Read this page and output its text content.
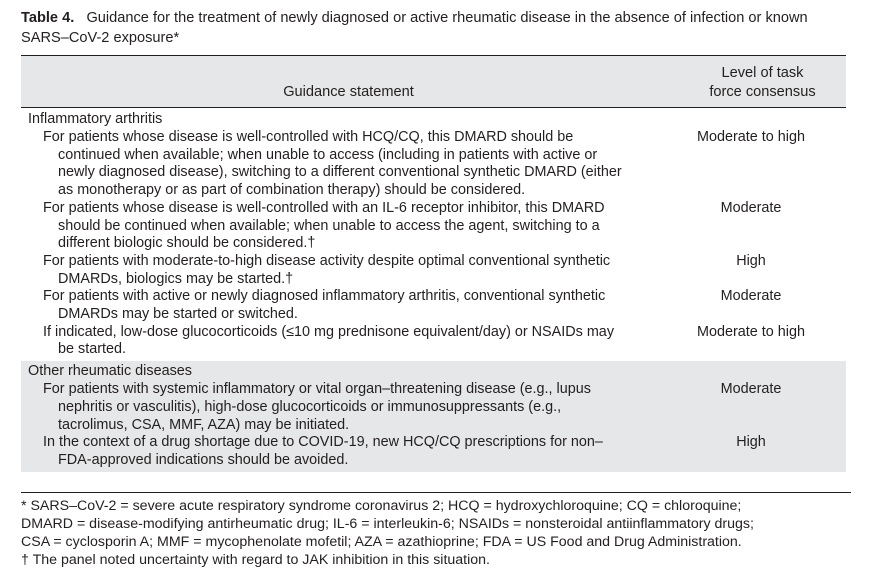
Table 4. Guidance for the treatment of newly diagnosed or active rheumatic disease in the absence of infection or known SARS–CoV-2 exposure*
Guidance statement
Level of task
force consensus
Inflammatory arthritis
For patients whose disease is well-controlled with HCQ/CQ, this DMARD should be
continued when available; when unable to access (including in patients with active or
newly diagnosed disease), switching to a different conventional synthetic DMARD (either
as monotherapy or as part of combination therapy) should be considered.
Moderate to high
For patients whose disease is well-controlled with an IL-6 receptor inhibitor, this DMARD
should be continued when available; when unable to access the agent, switching to a
different biologic should be considered.†
Moderate
For patients with moderate-to-high disease activity despite optimal conventional synthetic
DMARDs, biologics may be started.†
High
For patients with active or newly diagnosed inflammatory arthritis, conventional synthetic
DMARDs may be started or switched.
Moderate
If indicated, low-dose glucocorticoids (≤10 mg prednisone equivalent/day) or NSAIDs may
be started.
Moderate to high
Other rheumatic diseases
For patients with systemic inflammatory or vital organ–threatening disease (e.g., lupus
nephritis or vasculitis), high-dose glucocorticoids or immunosuppressants (e.g.,
tacrolimus, CSA, MMF, AZA) may be initiated.
Moderate
In the context of a drug shortage due to COVID-19, new HCQ/CQ prescriptions for non–
FDA-approved indications should be avoided.
High
* SARS–CoV-2 = severe acute respiratory syndrome coronavirus 2; HCQ = hydroxychloroquine; CQ = chloroquine;
DMARD = disease-modifying antirheumatic drug; IL-6 = interleukin-6; NSAIDs = nonsteroidal antiinflammatory drugs;
CSA = cyclosporin A; MMF = mycophenolate mofetil; AZA = azathioprine; FDA = US Food and Drug Administration.
† The panel noted uncertainty with regard to JAK inhibition in this situation.
